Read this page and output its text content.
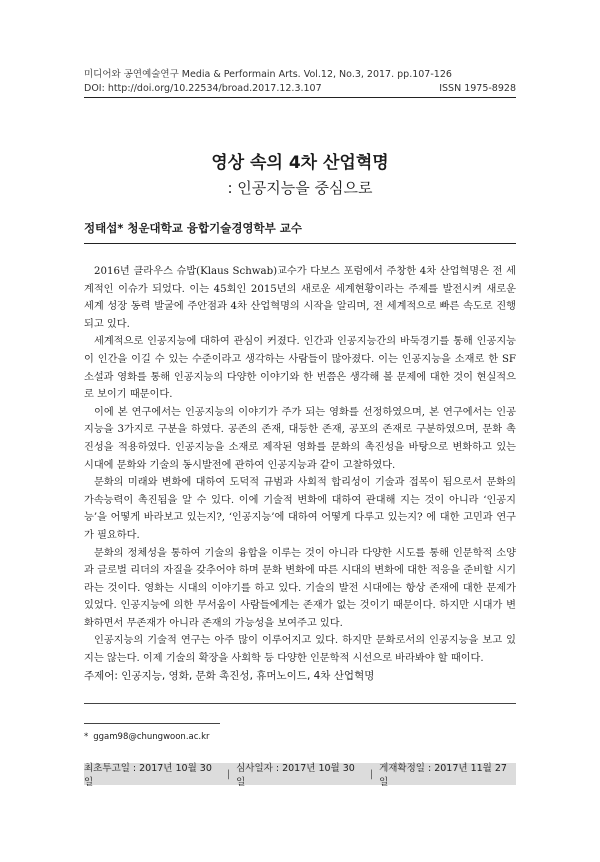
미디어와 공연예술연구 Media & Performain Arts. Vol.12, No.3, 2017. pp.107-126
DOI: http://doi.org/10.22534/broad.2017.12.3.107	ISSN 1975-8928
영상 속의 4차 산업혁명
: 인공지능을 중심으로
정태섭* 청운대학교 융합기술경영학부 교수

2016년 클라우스 슈밥(Klaus Schwab)교수가 다보스 포럼에서 주창한 4차 산업혁명은 전 세계적인 이슈가 되었다. 이는 45회인 2015년의 새로운 세계현황이라는 주제를 발전시켜 새로운 세계 성장 동력 발굴에 주안점과 4차 산업혁명의 시작을 알리며, 전 세계적으로 빠른 속도로 진행되고 있다.

세계적으로 인공지능에 대하여 관심이 커졌다. 인간과 인공지능간의 바둑경기를 통해 인공지능이 인간을 이길 수 있는 수준이라고 생각하는 사람들이 많아졌다. 이는 인공지능을 소재로 한 SF 소설과 영화를 통해 인공지능의 다양한 이야기와 한 번쯤은 생각해 볼 문제에 대한 것이 현실적으로 보이기 때문이다.

이에 본 연구에서는 인공지능의 이야기가 주가 되는 영화를 선정하였으며, 본 연구에서는 인공지능을 3가지로 구분을 하였다. 공존의 존재, 대등한 존재, 공포의 존재로 구분하였으며, 문화 촉진성을 적용하였다. 인공지능을 소재로 제작된 영화를 문화의 촉진성을 바탕으로 변화하고 있는 시대에 문화와 기술의 동시발전에 관하여 인공지능과 같이 고찰하였다.

문화의 미래와 변화에 대하여 도덕적 규범과 사회적 합리성이 기술과 접목이 됨으로서 문화의 가속능력이 촉진됨을 알 수 있다. 이에 기술적 변화에 대하여 관대해 지는 것이 아니라 ‘인공지능’을 어떻게 바라보고 있는지?, ‘인공지능’에 대하여 어떻게 다루고 있는지? 에 대한 고민과 연구가 필요하다.

문화의 정체성을 통하여 기술의 융합을 이루는 것이 아니라 다양한 시도를 통해 인문학적 소양과 글로벌 리더의 자질을 갖추어야 하며 문화 변화에 따른 시대의 변화에 대한 적응을 준비할 시기라는 것이다. 영화는 시대의 이야기를 하고 있다. 기술의 발전 시대에는 항상 존재에 대한 문제가 있었다. 인공지능에 의한 무서움이 사람들에게는 존재가 없는 것이기 때문이다. 하지만 시대가 변화하면서 무존재가 아니라 존재의 가능성을 보여주고 있다.

인공지능의 기술적 연구는 아주 많이 이루어지고 있다. 하지만 문화로서의 인공지능을 보고 있지는 않는다. 이제 기술의 확장을 사회학 등 다양한 인문학적 시선으로 바라봐야 할 때이다.

주제어: 인공지능, 영화, 문화 촉진성, 휴머노이드, 4차 산업혁명
* ggam98@chungwoon.ac.kr
최초투고일 : 2017년 10월 30일
| 심사일자 : 2017년 10월 30일
| 게재확정일 : 2017년 11월 27일
